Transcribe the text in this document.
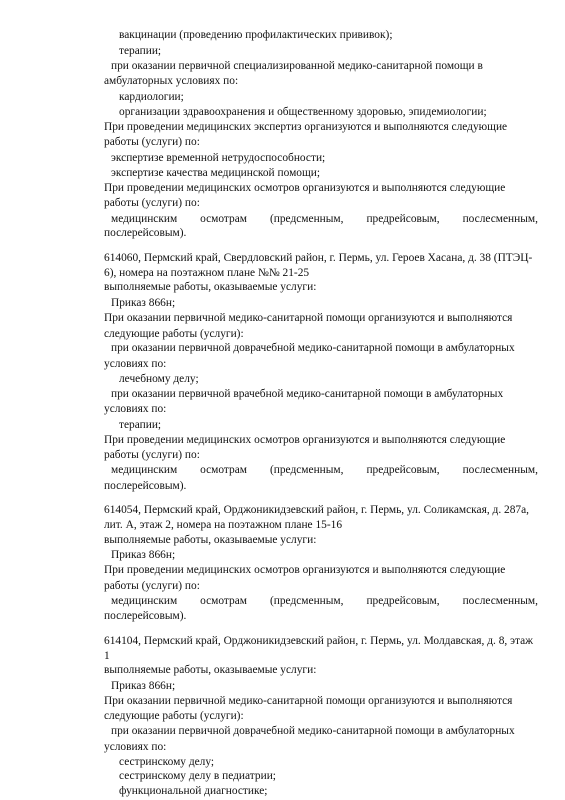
вакцинации (проведению профилактических прививок);
терапии;
при оказании первичной специализированной медико-санитарной помощи в
амбулаторных условиях по:
кардиологии;
организации здравоохранения и общественному здоровью, эпидемиологии;
При проведении медицинских экспертиз организуются и выполняются следующие
работы (услуги) по:
экспертизе временной нетрудоспособности;
экспертизе качества медицинской помощи;
При проведении медицинских осмотров организуются и выполняются следующие
работы (услуги) по:
медицинским осмотрам (предсменным, предрейсовым, послесменным,
послерейсовым).
614060, Пермский край, Свердловский район, г. Пермь, ул. Героев Хасана, д. 38 (ПТЭЦ-
6), номера на поэтажном плане №№ 21-25
выполняемые работы, оказываемые услуги:
Приказ 866н;
При оказании первичной медико-санитарной помощи организуются и выполняются
следующие работы (услуги):
при оказании первичной доврачебной медико-санитарной помощи в амбулаторных
условиях по:
лечебному делу;
при оказании первичной врачебной медико-санитарной помощи в амбулаторных
условиях по:
терапии;
При проведении медицинских осмотров организуются и выполняются следующие
работы (услуги) по:
медицинским осмотрам (предсменным, предрейсовым, послесменным,
послерейсовым).
614054, Пермский край, Орджоникидзевский район, г. Пермь, ул. Соликамская, д. 287а,
лит. А, этаж 2, номера на поэтажном плане 15-16
выполняемые работы, оказываемые услуги:
Приказ 866н;
При проведении медицинских осмотров организуются и выполняются следующие
работы (услуги) по:
медицинским осмотрам (предсменным, предрейсовым, послесменным,
послерейсовым).
614104, Пермский край, Орджоникидзевский район, г. Пермь, ул. Молдавская, д. 8, этаж
1
выполняемые работы, оказываемые услуги:
Приказ 866н;
При оказании первичной медико-санитарной помощи организуются и выполняются
следующие работы (услуги):
при оказании первичной доврачебной медико-санитарной помощи в амбулаторных
условиях по:
сестринскому делу;
сестринскому делу в педиатрии;
функциональной диагностике;
